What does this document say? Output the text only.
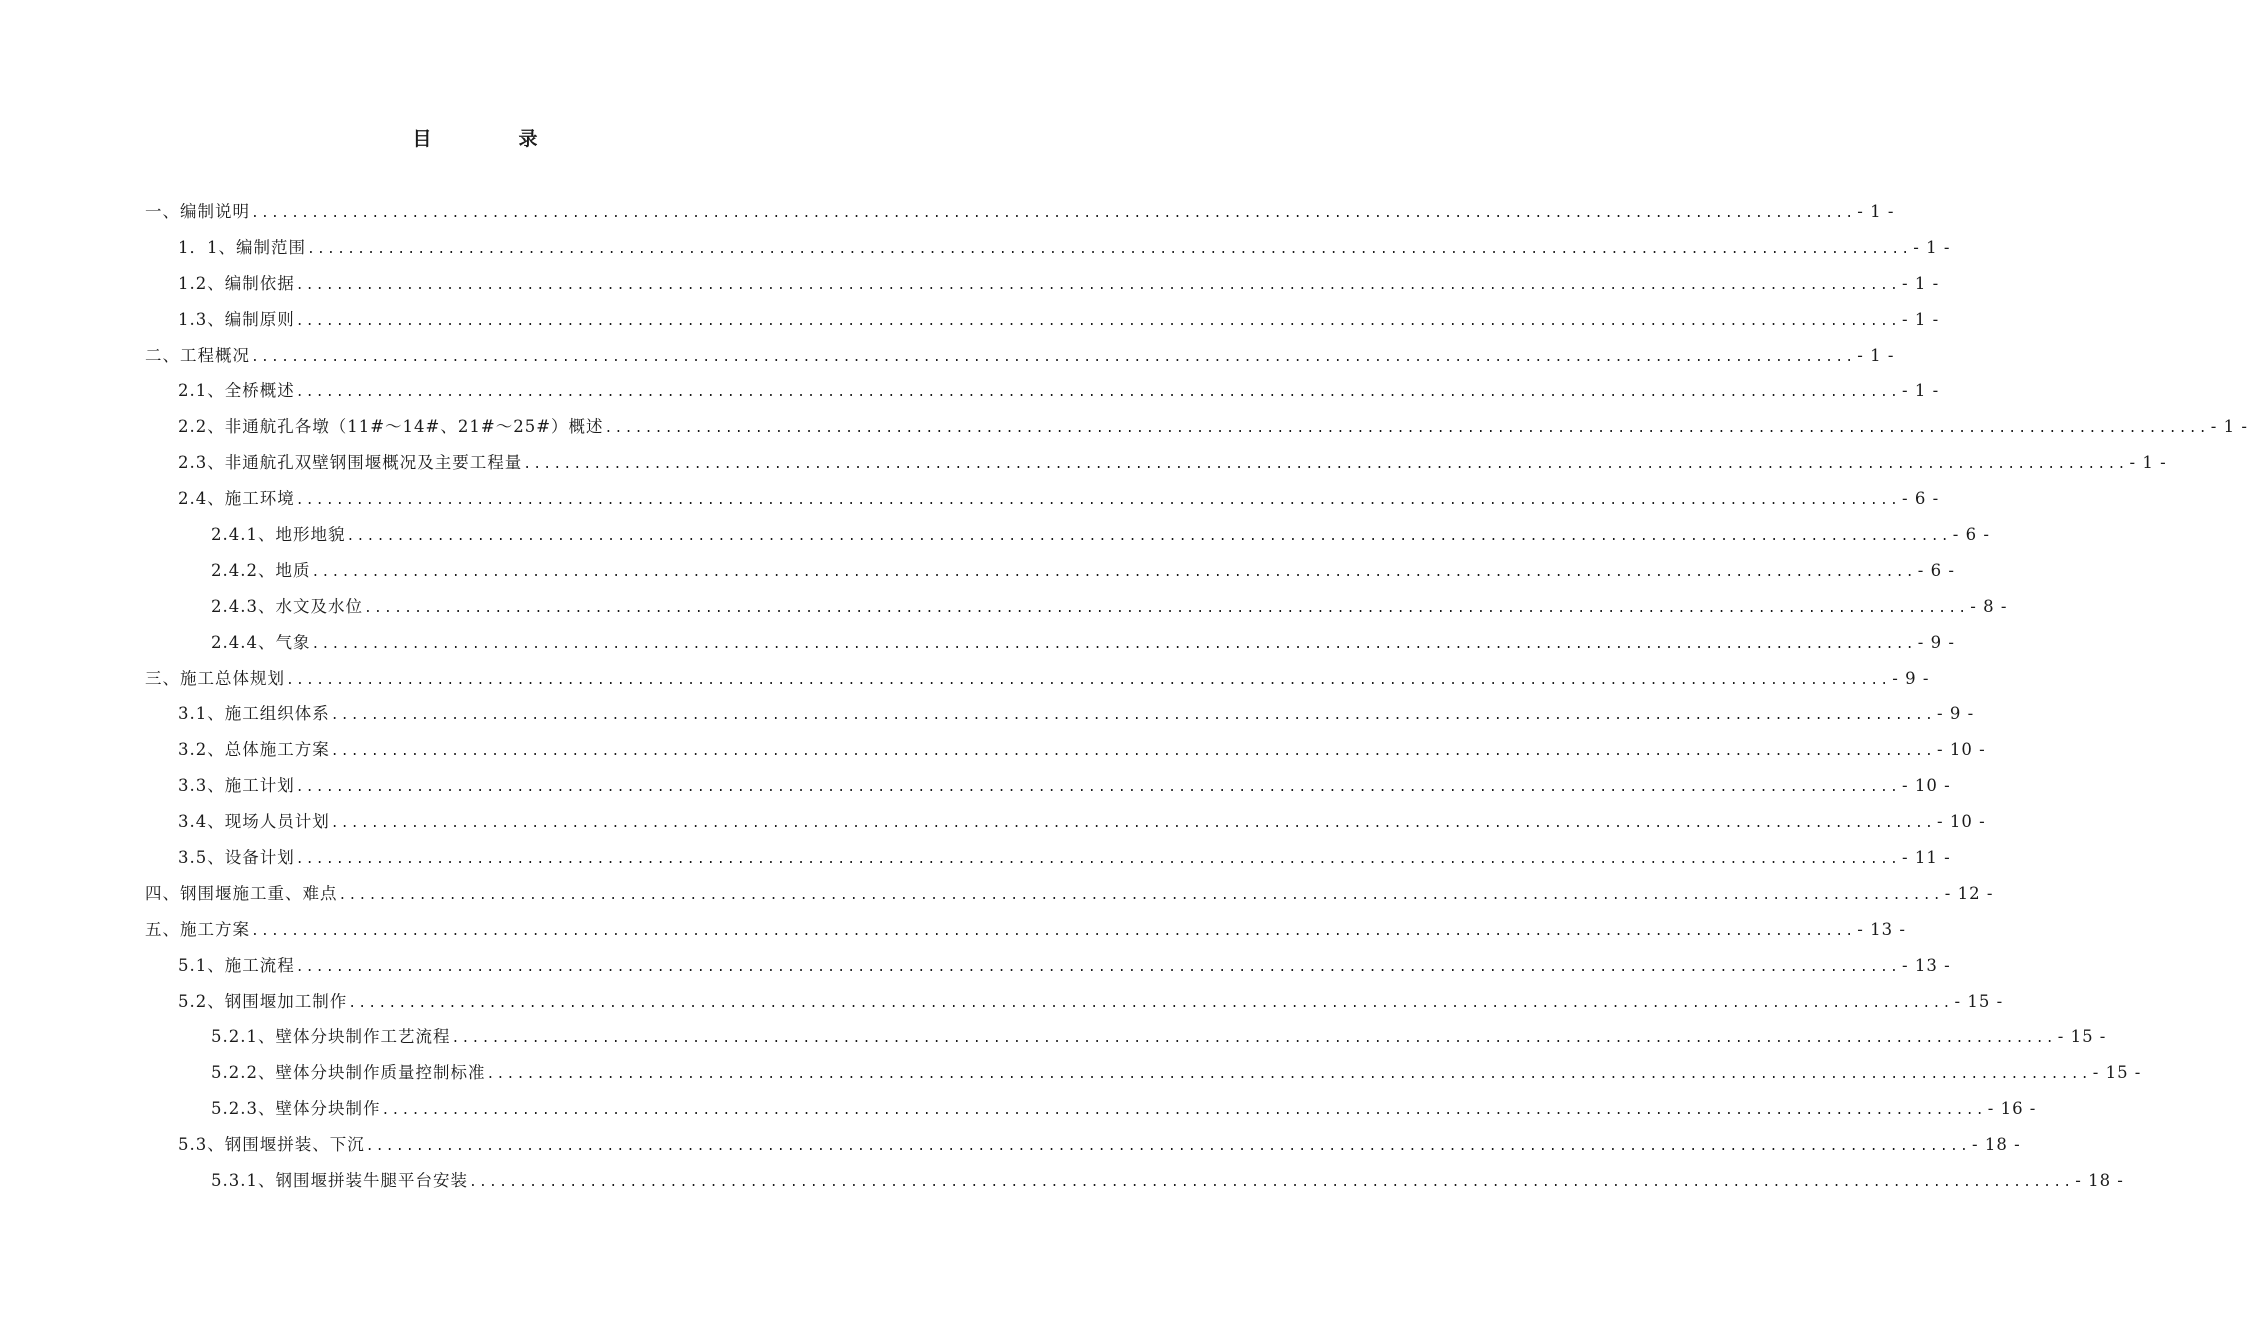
目　录
一、编制说明 ................................................................................................................................................................ - 1 -
1．1、编制范围 ................................................................................................................................................................ - 1 -
1.2、编制依据 ................................................................................................................................................................ - 1 -
1.3、编制原则 ................................................................................................................................................................ - 1 -
二、工程概况 ................................................................................................................................................................ - 1 -
2.1、全桥概述 ................................................................................................................................................................ - 1 -
2.2、非通航孔各墩（11#～14#、21#～25#）概述 ................................................................................................................................................................ - 1 -
2.3、非通航孔双壁钢围堰概况及主要工程量 ................................................................................................................................................................ - 1 -
2.4、施工环境 ................................................................................................................................................................ - 6 -
2.4.1、地形地貌 ................................................................................................................................................................ - 6 -
2.4.2、地质 ................................................................................................................................................................ - 6 -
2.4.3、水文及水位 ................................................................................................................................................................ - 8 -
2.4.4、气象 ................................................................................................................................................................ - 9 -
三、施工总体规划 ................................................................................................................................................................ - 9 -
3.1、施工组织体系 ................................................................................................................................................................ - 9 -
3.2、总体施工方案 ................................................................................................................................................................ - 10 -
3.3、施工计划 ................................................................................................................................................................ - 10 -
3.4、现场人员计划 ................................................................................................................................................................ - 10 -
3.5、设备计划 ................................................................................................................................................................ - 11 -
四、钢围堰施工重、难点 ................................................................................................................................................................ - 12 -
五、施工方案 ................................................................................................................................................................ - 13 -
5.1、施工流程 ................................................................................................................................................................ - 13 -
5.2、钢围堰加工制作 ................................................................................................................................................................ - 15 -
5.2.1、壁体分块制作工艺流程 ................................................................................................................................................................ - 15 -
5.2.2、壁体分块制作质量控制标准 ................................................................................................................................................................ - 15 -
5.2.3、壁体分块制作 ................................................................................................................................................................ - 16 -
5.3、钢围堰拼装、下沉 ................................................................................................................................................................ - 18 -
5.3.1、钢围堰拼装牛腿平台安装 ................................................................................................................................................................ - 18 -
